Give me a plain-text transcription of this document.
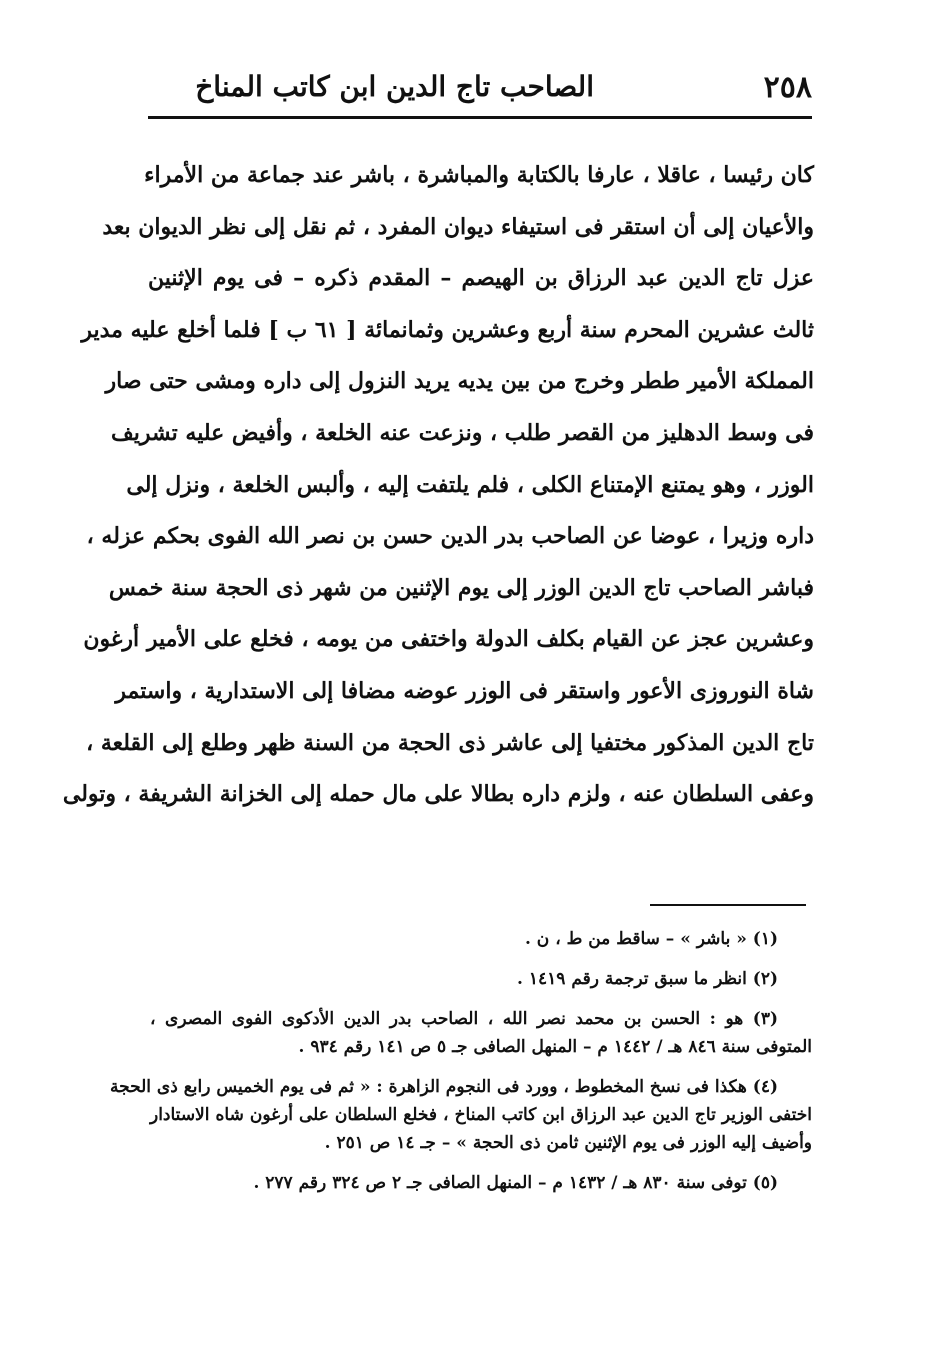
٢٥٨
الصاحب تاج الدين ابن كاتب المناخ
كان رئيسا ، عاقلا ، عارفا بالكتابة والمباشرة ، باشر عند جماعة من الأمراء
والأعيان إلى أن استقر فى استيفاء ديوان المفرد ، ثم نقل إلى نظر الديوان بعد
عزل تاج الدين عبد الرزاق بن الهيصم – المقدم ذكره – فى يوم الإثنين
ثالث عشرين المحرم سنة أربع وعشرين وثمانمائة [ ٦١ ب ] فلما أخلع عليه مدير
المملكة الأمير ططر وخرج من بين يديه يريد النزول إلى داره ومشى حتى صار
فى وسط الدهليز من القصر طلب ، ونزعت عنه الخلعة ، وأفيض عليه تشريف
الوزر ، وهو يمتنع الإمتناع الكلى ، فلم يلتفت إليه ، وألبس الخلعة ، ونزل إلى
داره وزيرا ، عوضا عن الصاحب بدر الدين حسن بن نصر الله الفوى بحكم عزله ،
فباشر الصاحب تاج الدين الوزر إلى يوم الإثنين من شهر ذى الحجة سنة خمس
وعشرين عجز عن القيام بكلف الدولة واختفى من يومه ، فخلع على الأمير أرغون
شاة النوروزى الأعور واستقر فى الوزر عوضه مضافا إلى الاستدارية ، واستمر
تاج الدين المذكور مختفيا إلى عاشر ذى الحجة من السنة ظهر وطلع إلى القلعة ،
وعفى السلطان عنه ، ولزم داره بطالا على مال حمله إلى الخزانة الشريفة ، وتولى
(١) « باشر » – ساقط من ط ، ن .
(٢) انظر ما سبق ترجمة رقم ١٤١٩ .
(٣) هو : الحسن بن محمد نصر الله ، الصاحب بدر الدين الأدكوى الفوى المصرى ،
المتوفى سنة ٨٤٦ هـ / ١٤٤٢ م – المنهل الصافى جـ ٥ ص ١٤١ رقم ٩٣٤ .
(٤) هكذا فى نسخ المخطوط ، وورد فى النجوم الزاهرة : « ثم فى يوم الخميس رابع ذى الحجة
اختفى الوزير تاج الدين عبد الرزاق ابن كاتب المناخ ، فخلع السلطان على أرغون شاه الاستادار
وأضيف إليه الوزر فى يوم الإثنين ثامن ذى الحجة » – جـ ١٤ ص ٢٥١ .
(٥) توفى سنة ٨٣٠ هـ / ١٤٣٢ م – المنهل الصافى جـ ٢ ص ٣٢٤ رقم ٢٧٧ .
